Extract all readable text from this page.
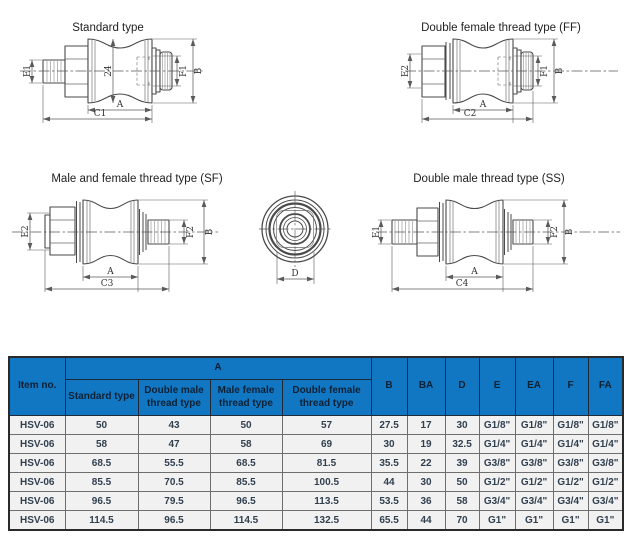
Standard type
E1	24	F1 B
A
C1
Double female thread type (FF)
E2	F1 B
A
C2
Male and female thread type (SF)
E2	F2 B
A
C3
D
Double male thread type (SS)
E1	F2 B
A
C4
Item no.	A				B	BA	D	E	EA	F	FA
	Standard type	Double male thread type	Male female thread type	Double female thread type							
HSV-06	50	43	50	57	27.5	17	30	G1/8"	G1/8"	G1/8"	G1/8"
HSV-06	58	47	58	69	30	19	32.5	G1/4"	G1/4"	G1/4"	G1/4"
HSV-06	68.5	55.5	68.5	81.5	35.5	22	39	G3/8"	G3/8"	G3/8"	G3/8"
HSV-06	85.5	70.5	85.5	100.5	44	30	50	G1/2"	G1/2"	G1/2"	G1/2"
HSV-06	96.5	79.5	96.5	113.5	53.5	36	58	G3/4"	G3/4"	G3/4"	G3/4"
HSV-06	114.5	96.5	114.5	132.5	65.5	44	70	G1"	G1"	G1"	G1"
